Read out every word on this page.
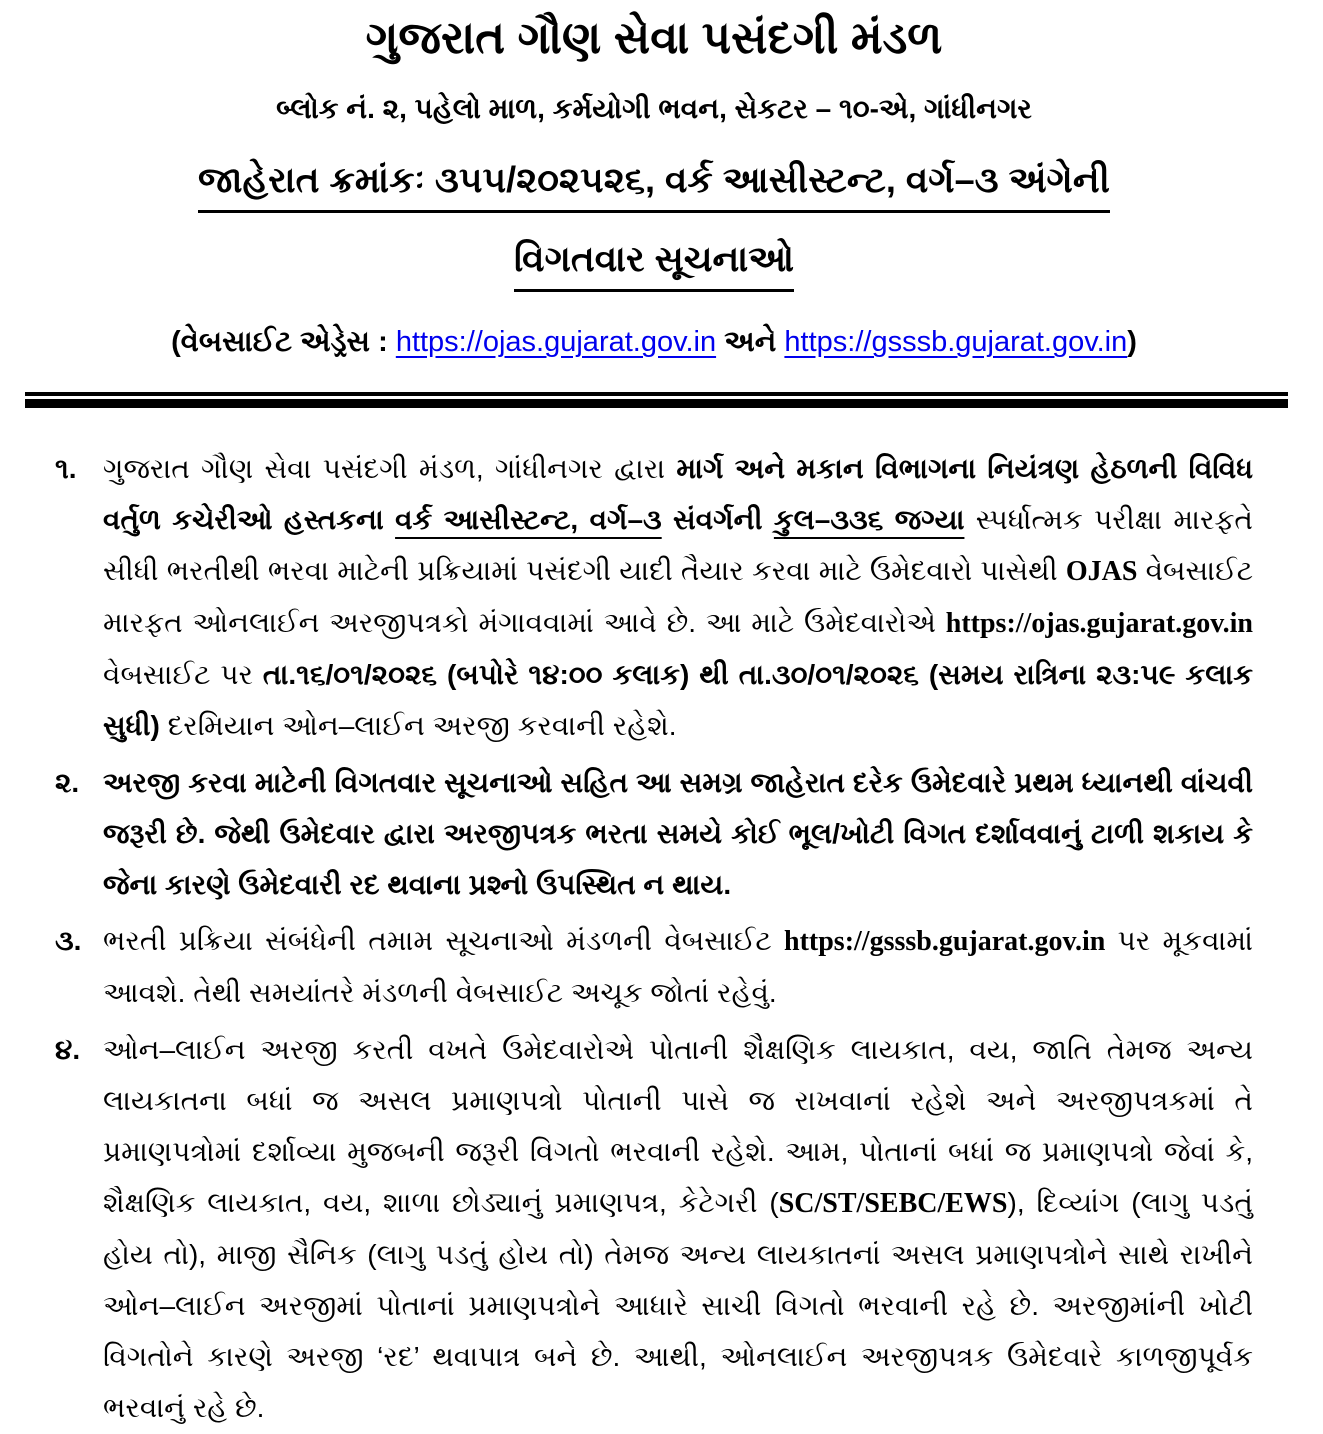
ગુજરાત ગૌણ સેવા પસંદગી મંડળ
બ્લોક નં. ૨, પહેલો માળ, કર્મયોગી ભવન, સેકટર – ૧૦-એ, ગાંધીનગર
જાહેરાત ક્રમાંકઃ ૩૫૫/૨૦૨૫૨૬, વર્ક આસીસ્ટન્ટ, વર્ગ–૩ અંગેની
વિગતવાર સૂચનાઓ
(વેબસાઈટ એડ્રેસ : https://ojas.gujarat.gov.in અને https://gsssb.gujarat.gov.in)
૧. ગુજરાત ગૌણ સેવા પસંદગી મંડળ, ગાંધીનગર દ્વારા માર્ગ અને મકાન વિભાગના નિયંત્રણ હેઠળની વિવિધ વર્તુળ કચેરીઓ હસ્તકના વર્ક આસીસ્ટન્ટ, વર્ગ–૩ સંવર્ગની કુલ–૩૩૬ જગ્યા સ્પર્ધાત્મક પરીક્ષા મારફતે સીધી ભરતીથી ભરવા માટેની પ્રક્રિયામાં પસંદગી યાદી તૈયાર કરવા માટે ઉમેદવારો પાસેથી OJAS વેબસાઈટ મારફત ઓનલાઈન અરજીપત્રકો મંગાવવામાં આવે છે. આ માટે ઉમેદવારોએ https://ojas.gujarat.gov.in વેબસાઈટ પર તા.૧૬/૦૧/૨૦૨૬ (બપોરે ૧૪:૦૦ કલાક) થી તા.૩૦/૦૧/૨૦૨૬ (સમય રાત્રિના ૨૩:૫૯ કલાક સુધી) દરમિયાન ઓન–લાઈન અરજી કરવાની રહેશે.
૨. અરજી કરવા માટેની વિગતવાર સૂચનાઓ સહિત આ સમગ્ર જાહેરાત દરેક ઉમેદવારે પ્રથમ ધ્યાનથી વાંચવી જરૂરી છે. જેથી ઉમેદવાર દ્વારા અરજીપત્રક ભરતા સમયે કોઈ ભૂલ/ખોટી વિગત દર્શાવવાનું ટાળી શકાય કે જેના કારણે ઉમેદવારી રદ થવાના પ્રશ્નો ઉપસ્થિત ન થાય.
૩. ભરતી પ્રક્રિયા સંબંધેની તમામ સૂચનાઓ મંડળની વેબસાઈટ https://gsssb.gujarat.gov.in પર મૂકવામાં આવશે. તેથી સમયાંતરે મંડળની વેબસાઈટ અચૂક જોતાં રહેવું.
૪. ઓન–લાઈન અરજી કરતી વખતે ઉમેદવારોએ પોતાની શૈક્ષણિક લાયકાત, વય, જાતિ તેમજ અન્ય લાયકાતના બધાં જ અસલ પ્રમાણપત્રો પોતાની પાસે જ રાખવાનાં રહેશે અને અરજીપત્રકમાં તે પ્રમાણપત્રોમાં દર્શાવ્યા મુજબની જરૂરી વિગતો ભરવાની રહેશે. આમ, પોતાનાં બધાં જ પ્રમાણપત્રો જેવાં કે, શૈક્ષણિક લાયકાત, વય, શાળા છોડ્યાનું પ્રમાણપત્ર, કેટેગરી (SC/ST/SEBC/EWS), દિવ્યાંગ (લાગુ પડતું હોય તો), માજી સૈનિક (લાગુ પડતું હોય તો) તેમજ અન્ય લાયકાતનાં અસલ પ્રમાણપત્રોને સાથે રાખીને ઓન–લાઈન અરજીમાં પોતાનાં પ્રમાણપત્રોને આધારે સાચી વિગતો ભરવાની રહે છે. અરજીમાંની ખોટી વિગતોને કારણે અરજી ‘રદ’ થવાપાત્ર બને છે. આથી, ઓનલાઈન અરજીપત્રક ઉમેદવારે કાળજીપૂર્વક ભરવાનું રહે છે.
